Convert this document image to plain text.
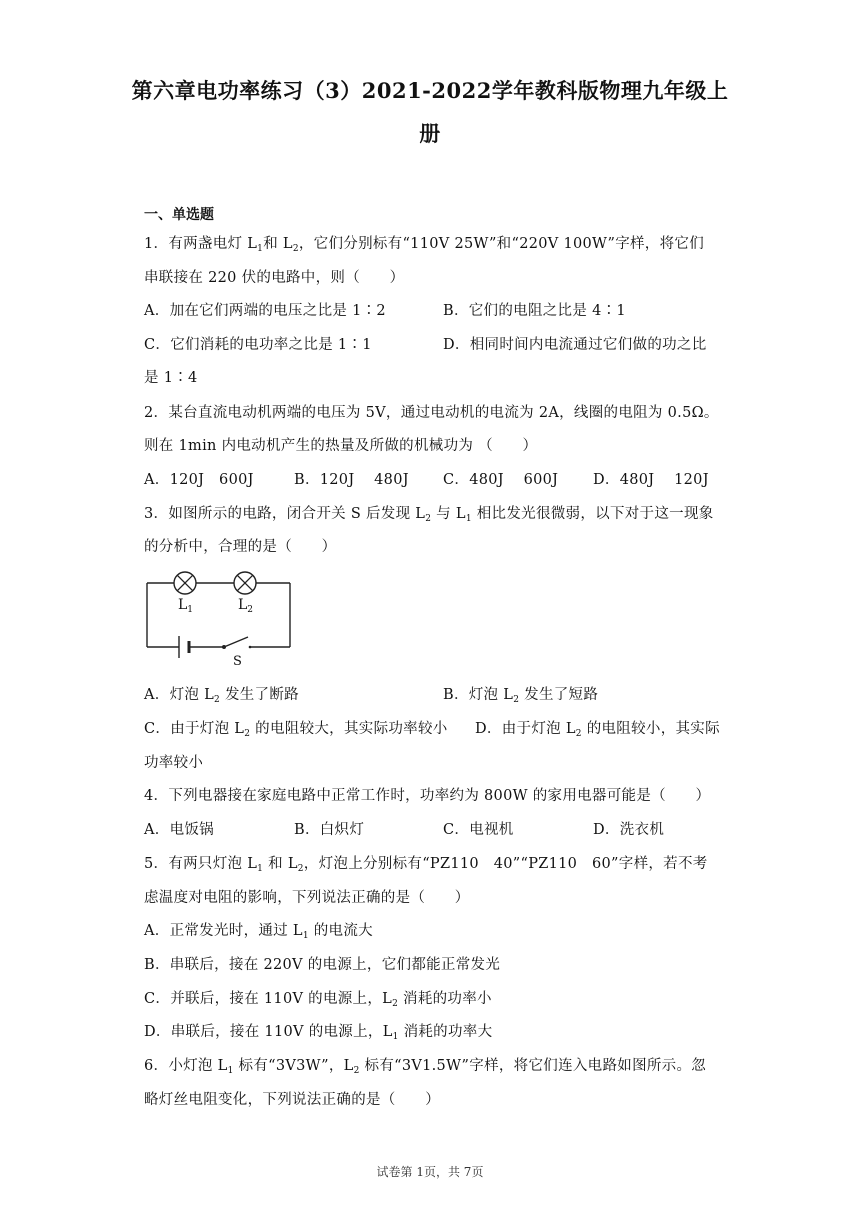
第六章电功率练习（3）2021-2022学年教科版物理九年级上
册
一、单选题
1．有两盏电灯 $L_1$和 $L_2$，它们分别标有“110V 25W”和“220V 100W”字样，将它们
串联接在 220 伏的电路中，则（　　）
A．加在它们两端的电压之比是 1∶2	B．它们的电阻之比是 4∶1
C．它们消耗的电功率之比是 1∶1	D．相同时间内电流通过它们做的功之比
是 1∶4
2．某台直流电动机两端的电压为 5V，通过电动机的电流为 2A，线圈的电阻为 0.5Ω。
则在 1min 内电动机产生的热量及所做的机械功为 （　　）
A．120J　600J	B．120J　 480J C．480J　 600J D．480J　 120J
3．如图所示的电路，闭合开关 S 后发现 $L_2$ 与 $L_1$ 相比发光很微弱，以下对于这一现象
的分析中，合理的是（　　）
$L_1$	$L_2$
S
A．灯泡 $L_2$ 发生了断路	B．灯泡 $L_2$ 发生了短路
C．由于灯泡 $L_2$ 的电阻较大，其实际功率较小 D．由于灯泡 $L_2$ 的电阻较小，其实际
功率较小
4．下列电器接在家庭电路中正常工作时，功率约为 800W 的家用电器可能是（　　）
A．电饭锅	B．白炽灯	C．电视机	D．洗衣机
5．有两只灯泡 $L_1$ 和 $L_2$，灯泡上分别标有“PZ110　40”“PZ110　60”字样，若不考
虑温度对电阻的影响，下列说法正确的是（　　）
A．正常发光时，通过 $L_1$ 的电流大
B．串联后，接在 220V 的电源上，它们都能正常发光
C．并联后，接在 110V 的电源上，$L_2$ 消耗的功率小
D．串联后，接在 110V 的电源上，$L_1$ 消耗的功率大
6．小灯泡 $L_1$ 标有“3V3W”，$L_2$ 标有“3V1.5W”字样，将它们连入电路如图所示。忽
略灯丝电阻变化，下列说法正确的是（　　）
试卷第 1页，共 7页
